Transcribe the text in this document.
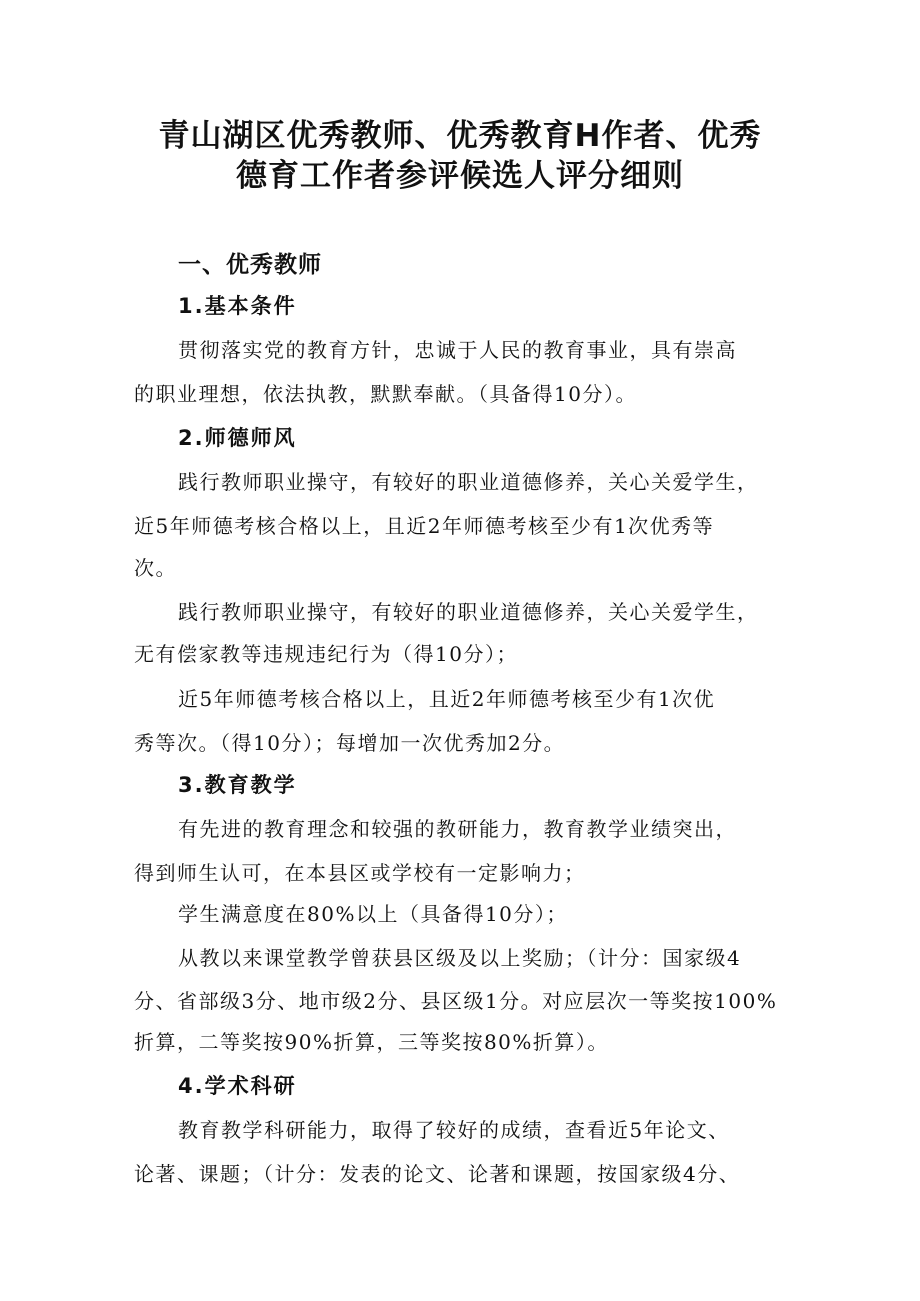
青山湖区优秀教师、优秀教育H作者、优秀
德育工作者参评候选人评分细则
一、优秀教师
1.基本条件
贯彻落实党的教育方针，忠诚于人民的教育事业，具有崇高
的职业理想，依法执教，默默奉献。（具备得10分）。
2.师德师风
践行教师职业操守，有较好的职业道德修养，关心关爱学生，
近5年师德考核合格以上，且近2年师德考核至少有1次优秀等
次。
践行教师职业操守，有较好的职业道德修养，关心关爱学生，
无有偿家教等违规违纪行为（得10分）；
近5年师德考核合格以上，且近2年师德考核至少有1次优
秀等次。（得10分）；每增加一次优秀加2分。
3.教育教学
有先进的教育理念和较强的教研能力，教育教学业绩突出，
得到师生认可，在本县区或学校有一定影响力；
学生满意度在80%以上（具备得10分）；
从教以来课堂教学曾获县区级及以上奖励；（计分：国家级4
分、省部级3分、地市级2分、县区级1分。对应层次一等奖按100%
折算，二等奖按90%折算，三等奖按80%折算）。
4.学术科研
教育教学科研能力，取得了较好的成绩，查看近5年论文、
论著、课题；（计分：发表的论文、论著和课题，按国家级4分、
